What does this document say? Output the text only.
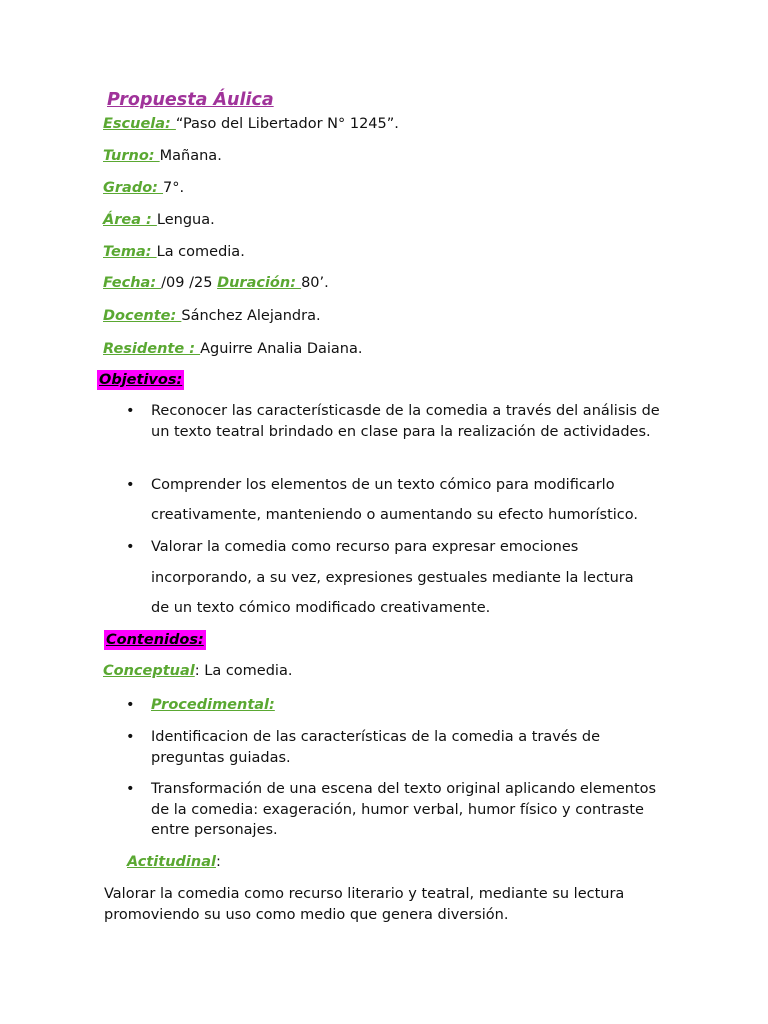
Propuesta Áulica
Escuela: “Paso del Libertador N° 1245”.
Turno: Mañana.
Grado: 7°.
Área : Lengua.
Tema: La comedia.
Fecha: /09 /25 Duración: 80’.
Docente: Sánchez Alejandra.
Residente : Aguirre Analia Daiana.
Objetivos:
• Reconocer las característicasde de la comedia a través del análisis de un texto teatral brindado en clase para la realización de actividades.
• Comprender los elementos de un texto cómico para modificarlo
creativamente, manteniendo o aumentando su efecto humorístico.
• Valorar la comedia como recurso para expresar emociones
incorporando, a su vez, expresiones gestuales mediante la lectura
de un texto cómico modificado creativamente.
Contenidos:
Conceptual: La comedia.
• Procedimental:
• Identificacion de las características de la comedia a través de preguntas guiadas.
• Transformación de una escena del texto original aplicando elementos de la comedia: exageración, humor verbal, humor físico y contraste entre personajes.
Actitudinal:
Valorar la comedia como recurso literario y teatral, mediante su lectura promoviendo su uso como medio que genera diversión.
